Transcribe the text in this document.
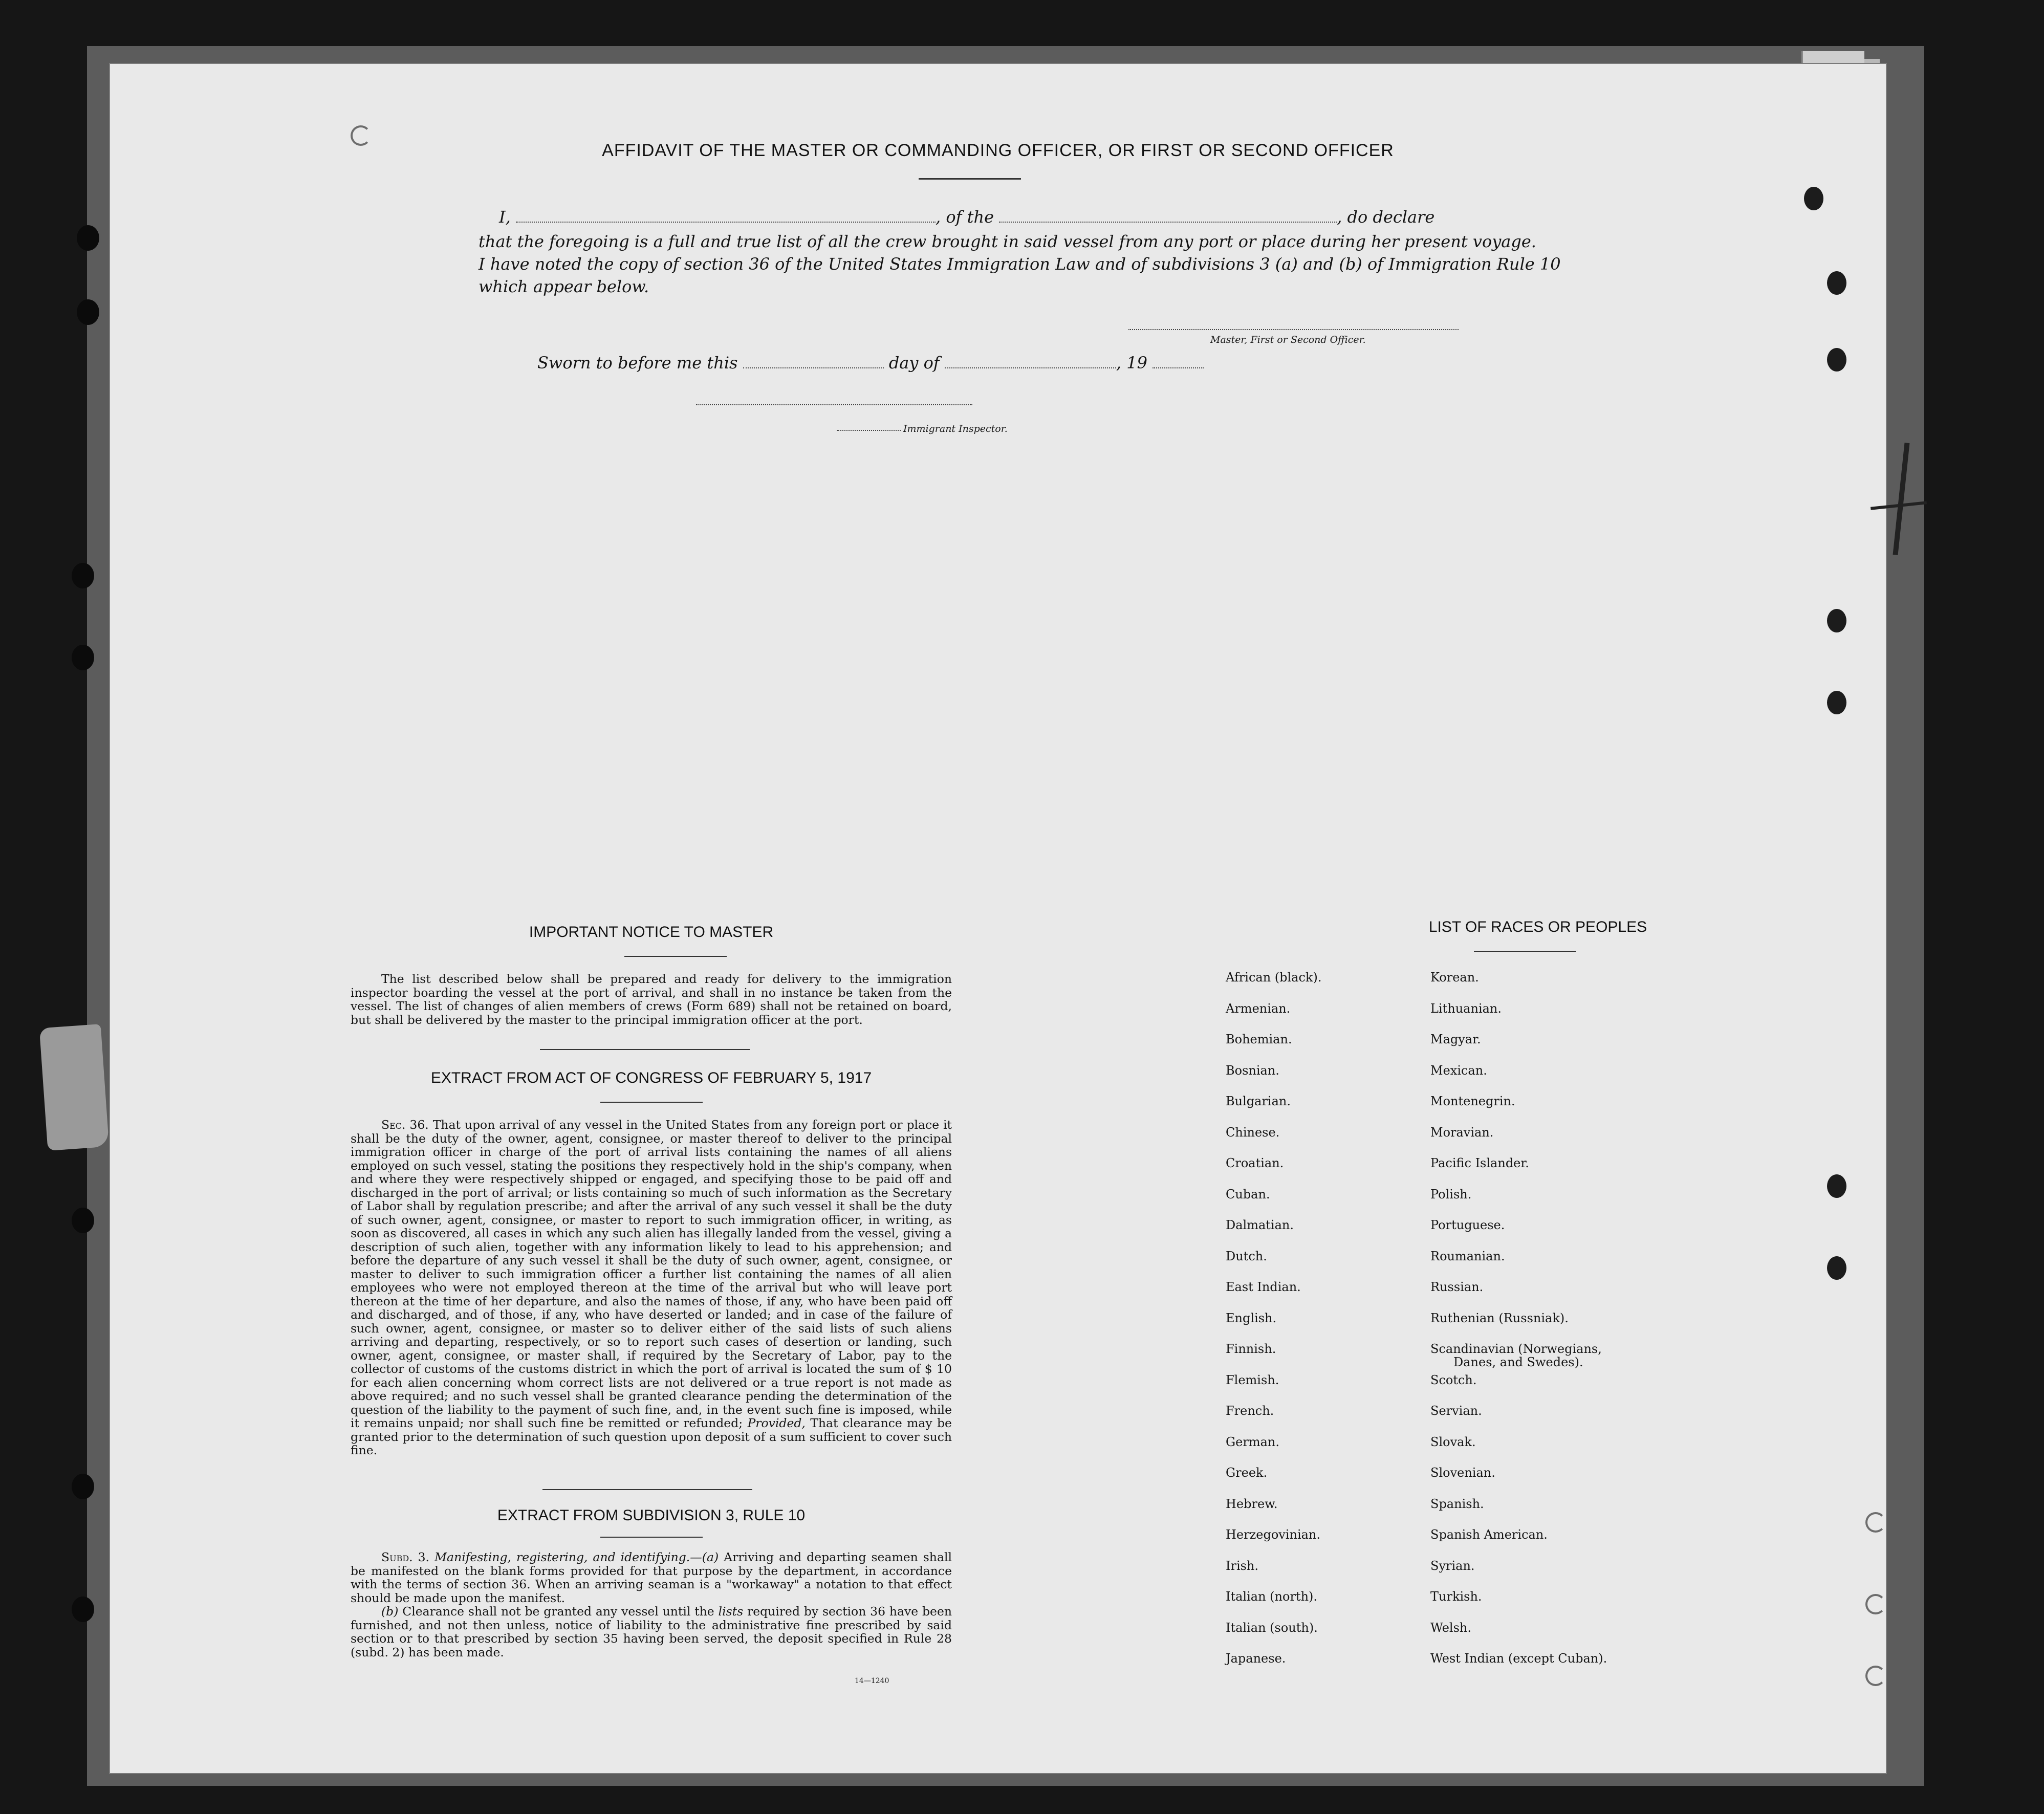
AFFIDAVIT OF THE MASTER OR COMMANDING OFFICER, OR FIRST OR SECOND OFFICER
I,	, of the	, do declare
that the foregoing is a full and true list of all the crew brought in said vessel from any port or place during her present voyage.
I have noted the copy of section 36 of the United States Immigration Law and of subdivisions 3 (a) and (b) of Immigration Rule 10
which appear below.
Master, First or Second Officer.
Sworn to before me this	day of	, 19
Immigrant Inspector.
IMPORTANT NOTICE TO MASTER

The list described below shall be prepared and ready for delivery to the immigration inspector boarding the vessel at the port of arrival, and shall in no instance be taken from the vessel. The list of changes of alien members of crews (Form 689) shall not be retained on board, but shall be delivered by the master to the principal immigration officer at the port.

EXTRACT FROM ACT OF CONGRESS OF FEBRUARY 5, 1917

Sec. 36. That upon arrival of any vessel in the United States from any foreign port or place it shall be the duty of the owner, agent, consignee, or master thereof to deliver to the principal immigration officer in charge of the port of arrival lists containing the names of all aliens employed on such vessel, stating the positions they respectively hold in the ship's company, when and where they were respectively shipped or engaged, and specifying those to be paid off and discharged in the port of arrival; or lists containing so much of such information as the Secretary of Labor shall by regulation prescribe; and after the arrival of any such vessel it shall be the duty of such owner, agent, consignee, or master to report to such immigration officer, in writing, as soon as discovered, all cases in which any such alien has illegally landed from the vessel, giving a description of such alien, together with any information likely to lead to his apprehension; and before the departure of any such vessel it shall be the duty of such owner, agent, consignee, or master to deliver to such immigration officer a further list containing the names of all alien employees who were not employed thereon at the time of the arrival but who will leave port thereon at the time of her departure, and also the names of those, if any, who have been paid off and discharged, and of those, if any, who have deserted or landed; and in case of the failure of such owner, agent, consignee, or master so to deliver either of the said lists of such aliens arriving and departing, respectively, or so to report such cases of desertion or landing, such owner, agent, consignee, or master shall, if required by the Secretary of Labor, pay to the collector of customs of the customs district in which the port of arrival is located the sum of $ 10 for each alien concerning whom correct lists are not delivered or a true report is not made as above required; and no such vessel shall be granted clearance pending the determination of the question of the liability to the payment of such fine, and, in the event such fine is imposed, while it remains unpaid; nor shall such fine be remitted or refunded; Provided, That clearance may be granted prior to the determination of such question upon deposit of a sum sufficient to cover such fine.

EXTRACT FROM SUBDIVISION 3, RULE 10

Subd. 3. Manifesting, registering, and identifying.—(a) Arriving and departing seamen shall be manifested on the blank forms provided for that purpose by the department, in accordance with the terms of section 36. When an arriving seaman is a "workaway" a notation to that effect should be made upon the manifest.

(b) Clearance shall not be granted any vessel until the lists required by section 36 have been furnished, and not then unless, notice of liability to the administrative fine prescribed by said section or to that prescribed by section 35 having been served, the deposit specified in Rule 28 (subd. 2) has been made.

14—1240
LIST OF RACES OR PEOPLES
African (black).
Armenian.
Bohemian.
Bosnian.
Bulgarian.
Chinese.
Croatian.
Cuban.
Dalmatian.
Dutch.
East Indian.
English.
Finnish.
Flemish.
French.
German.
Greek.
Hebrew.
Herzegovinian.
Irish.
Italian (north).
Italian (south).
Japanese.
Korean.
Lithuanian.
Magyar.
Mexican.
Montenegrin.
Moravian.
Pacific Islander.
Polish.
Portuguese.
Roumanian.
Russian.
Ruthenian (Russniak).
Scandinavian (Norwegians,
Danes, and Swedes).
Scotch.
Servian.
Slovak.
Slovenian.
Spanish.
Spanish American.
Syrian.
Turkish.
Welsh.
West Indian (except Cuban).
